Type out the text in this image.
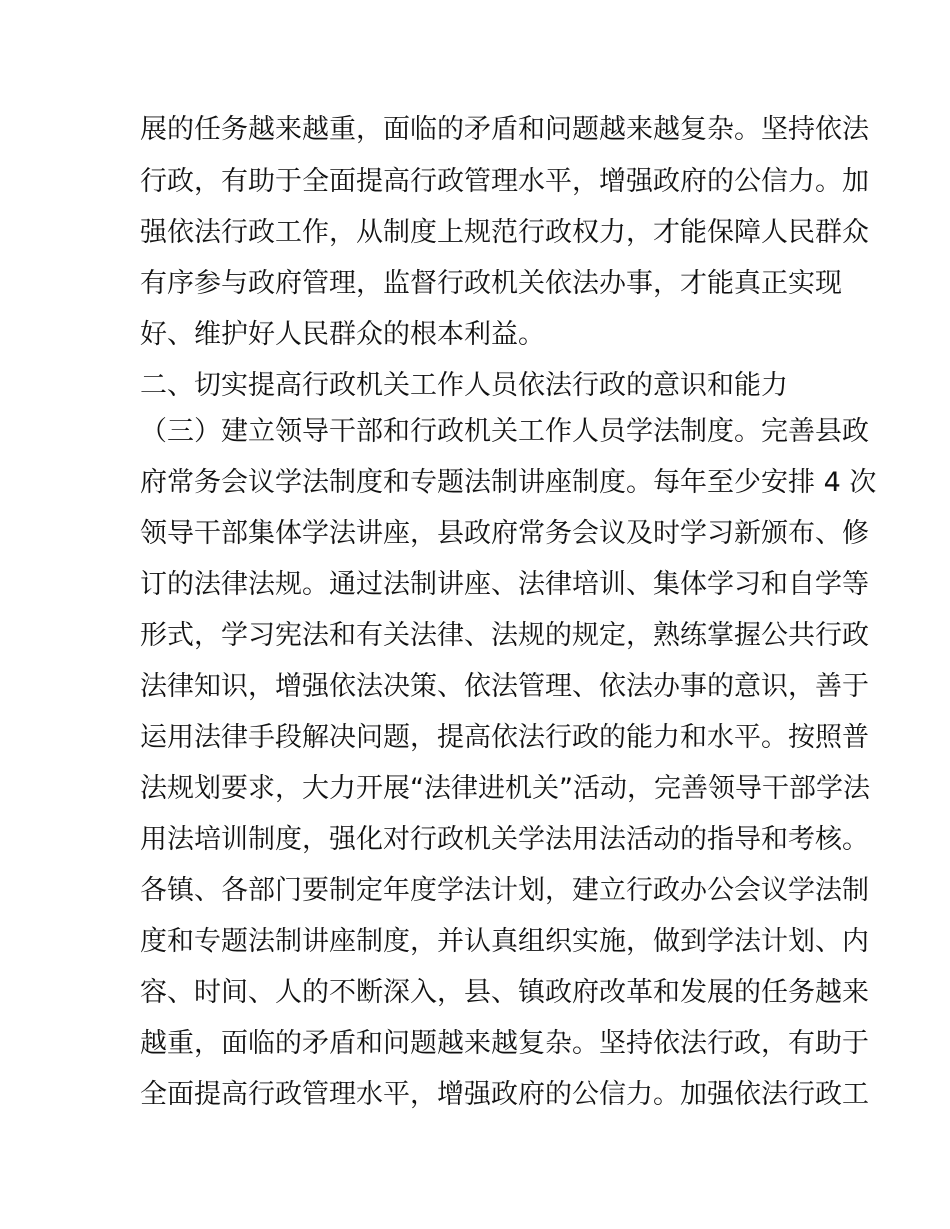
展的任务越来越重，面临的矛盾和问题越来越复杂。坚持依法
行政，有助于全面提高行政管理水平，增强政府的公信力。加
强依法行政工作，从制度上规范行政权力，才能保障人民群众
有序参与政府管理，监督行政机关依法办事，才能真正实现
好、维护好人民群众的根本利益。
二、切实提高行政机关工作人员依法行政的意识和能力
（三）建立领导干部和行政机关工作人员学法制度。完善县政
府常务会议学法制度和专题法制讲座制度。每年至少安排 4 次
领导干部集体学法讲座，县政府常务会议及时学习新颁布、修
订的法律法规。通过法制讲座、法律培训、集体学习和自学等
形式，学习宪法和有关法律、法规的规定，熟练掌握公共行政
法律知识，增强依法决策、依法管理、依法办事的意识，善于
运用法律手段解决问题，提高依法行政的能力和水平。按照普
法规划要求，大力开展“法律进机关”活动，完善领导干部学法
用法培训制度，强化对行政机关学法用法活动的指导和考核。
各镇、各部门要制定年度学法计划，建立行政办公会议学法制
度和专题法制讲座制度，并认真组织实施，做到学法计划、内
容、时间、人的不断深入，县、镇政府改革和发展的任务越来
越重，面临的矛盾和问题越来越复杂。坚持依法行政，有助于
全面提高行政管理水平，增强政府的公信力。加强依法行政工
